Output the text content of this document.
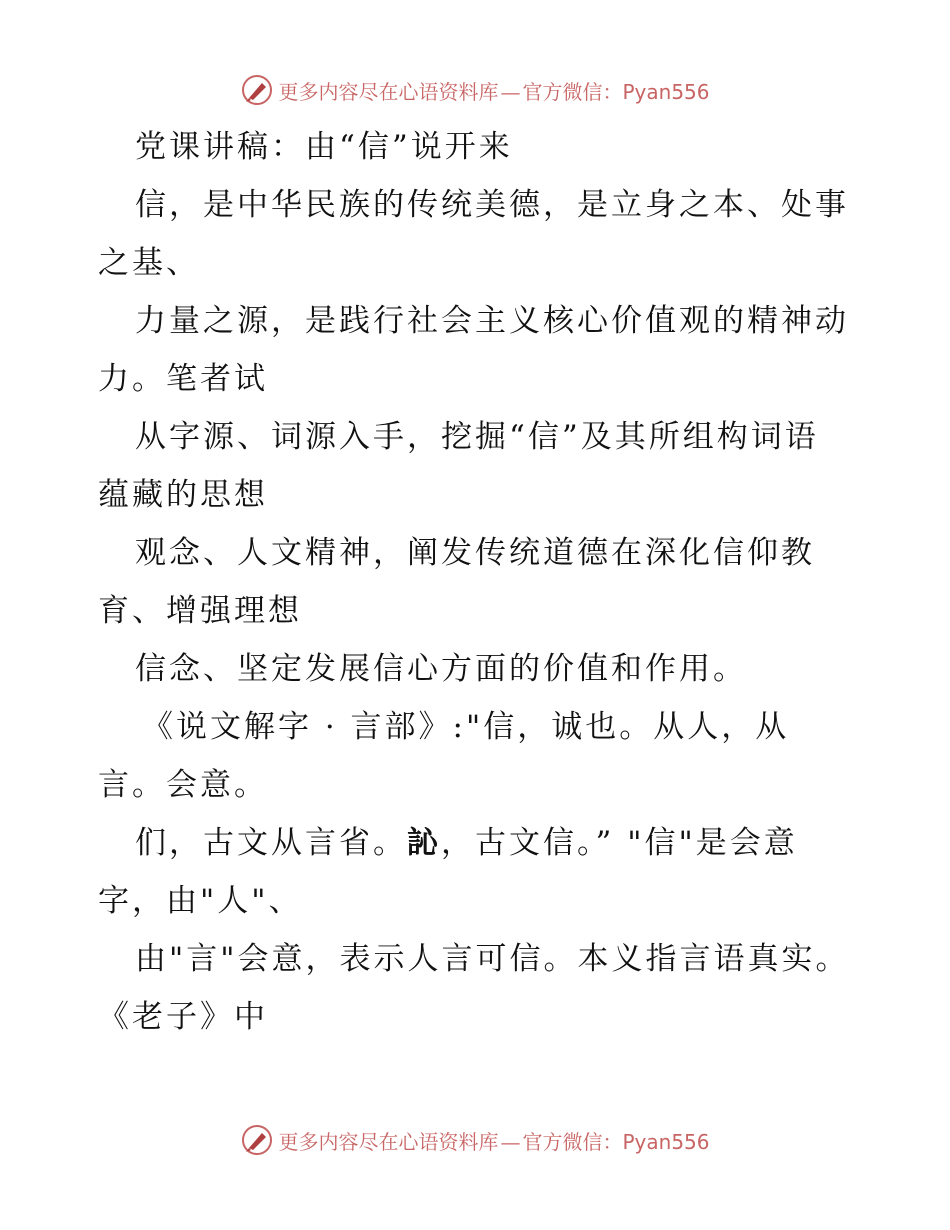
更多内容尽在心语资料库 — 官方微信：Pyan556
党课讲稿：由“信”说开来
信，是中华民族的传统美德，是立身之本、处事
之基、
力量之源，是践行社会主义核心价值观的精神动
力。笔者试
从字源、词源入手，挖掘“信”及其所组构词语
蕴藏的思想
观念、人文精神，阐发传统道德在深化信仰教
育、增强理想
信念、坚定发展信心方面的价值和作用。
《说文解字 · 言部》:"信，诚也。从人，从
言。会意。
们，古文从言省。訫，古文信。” "信"是会意
字，由"人"、
由"言"会意，表示人言可信。本义指言语真实。
《老子》中
更多内容尽在心语资料库 — 官方微信：Pyan556
